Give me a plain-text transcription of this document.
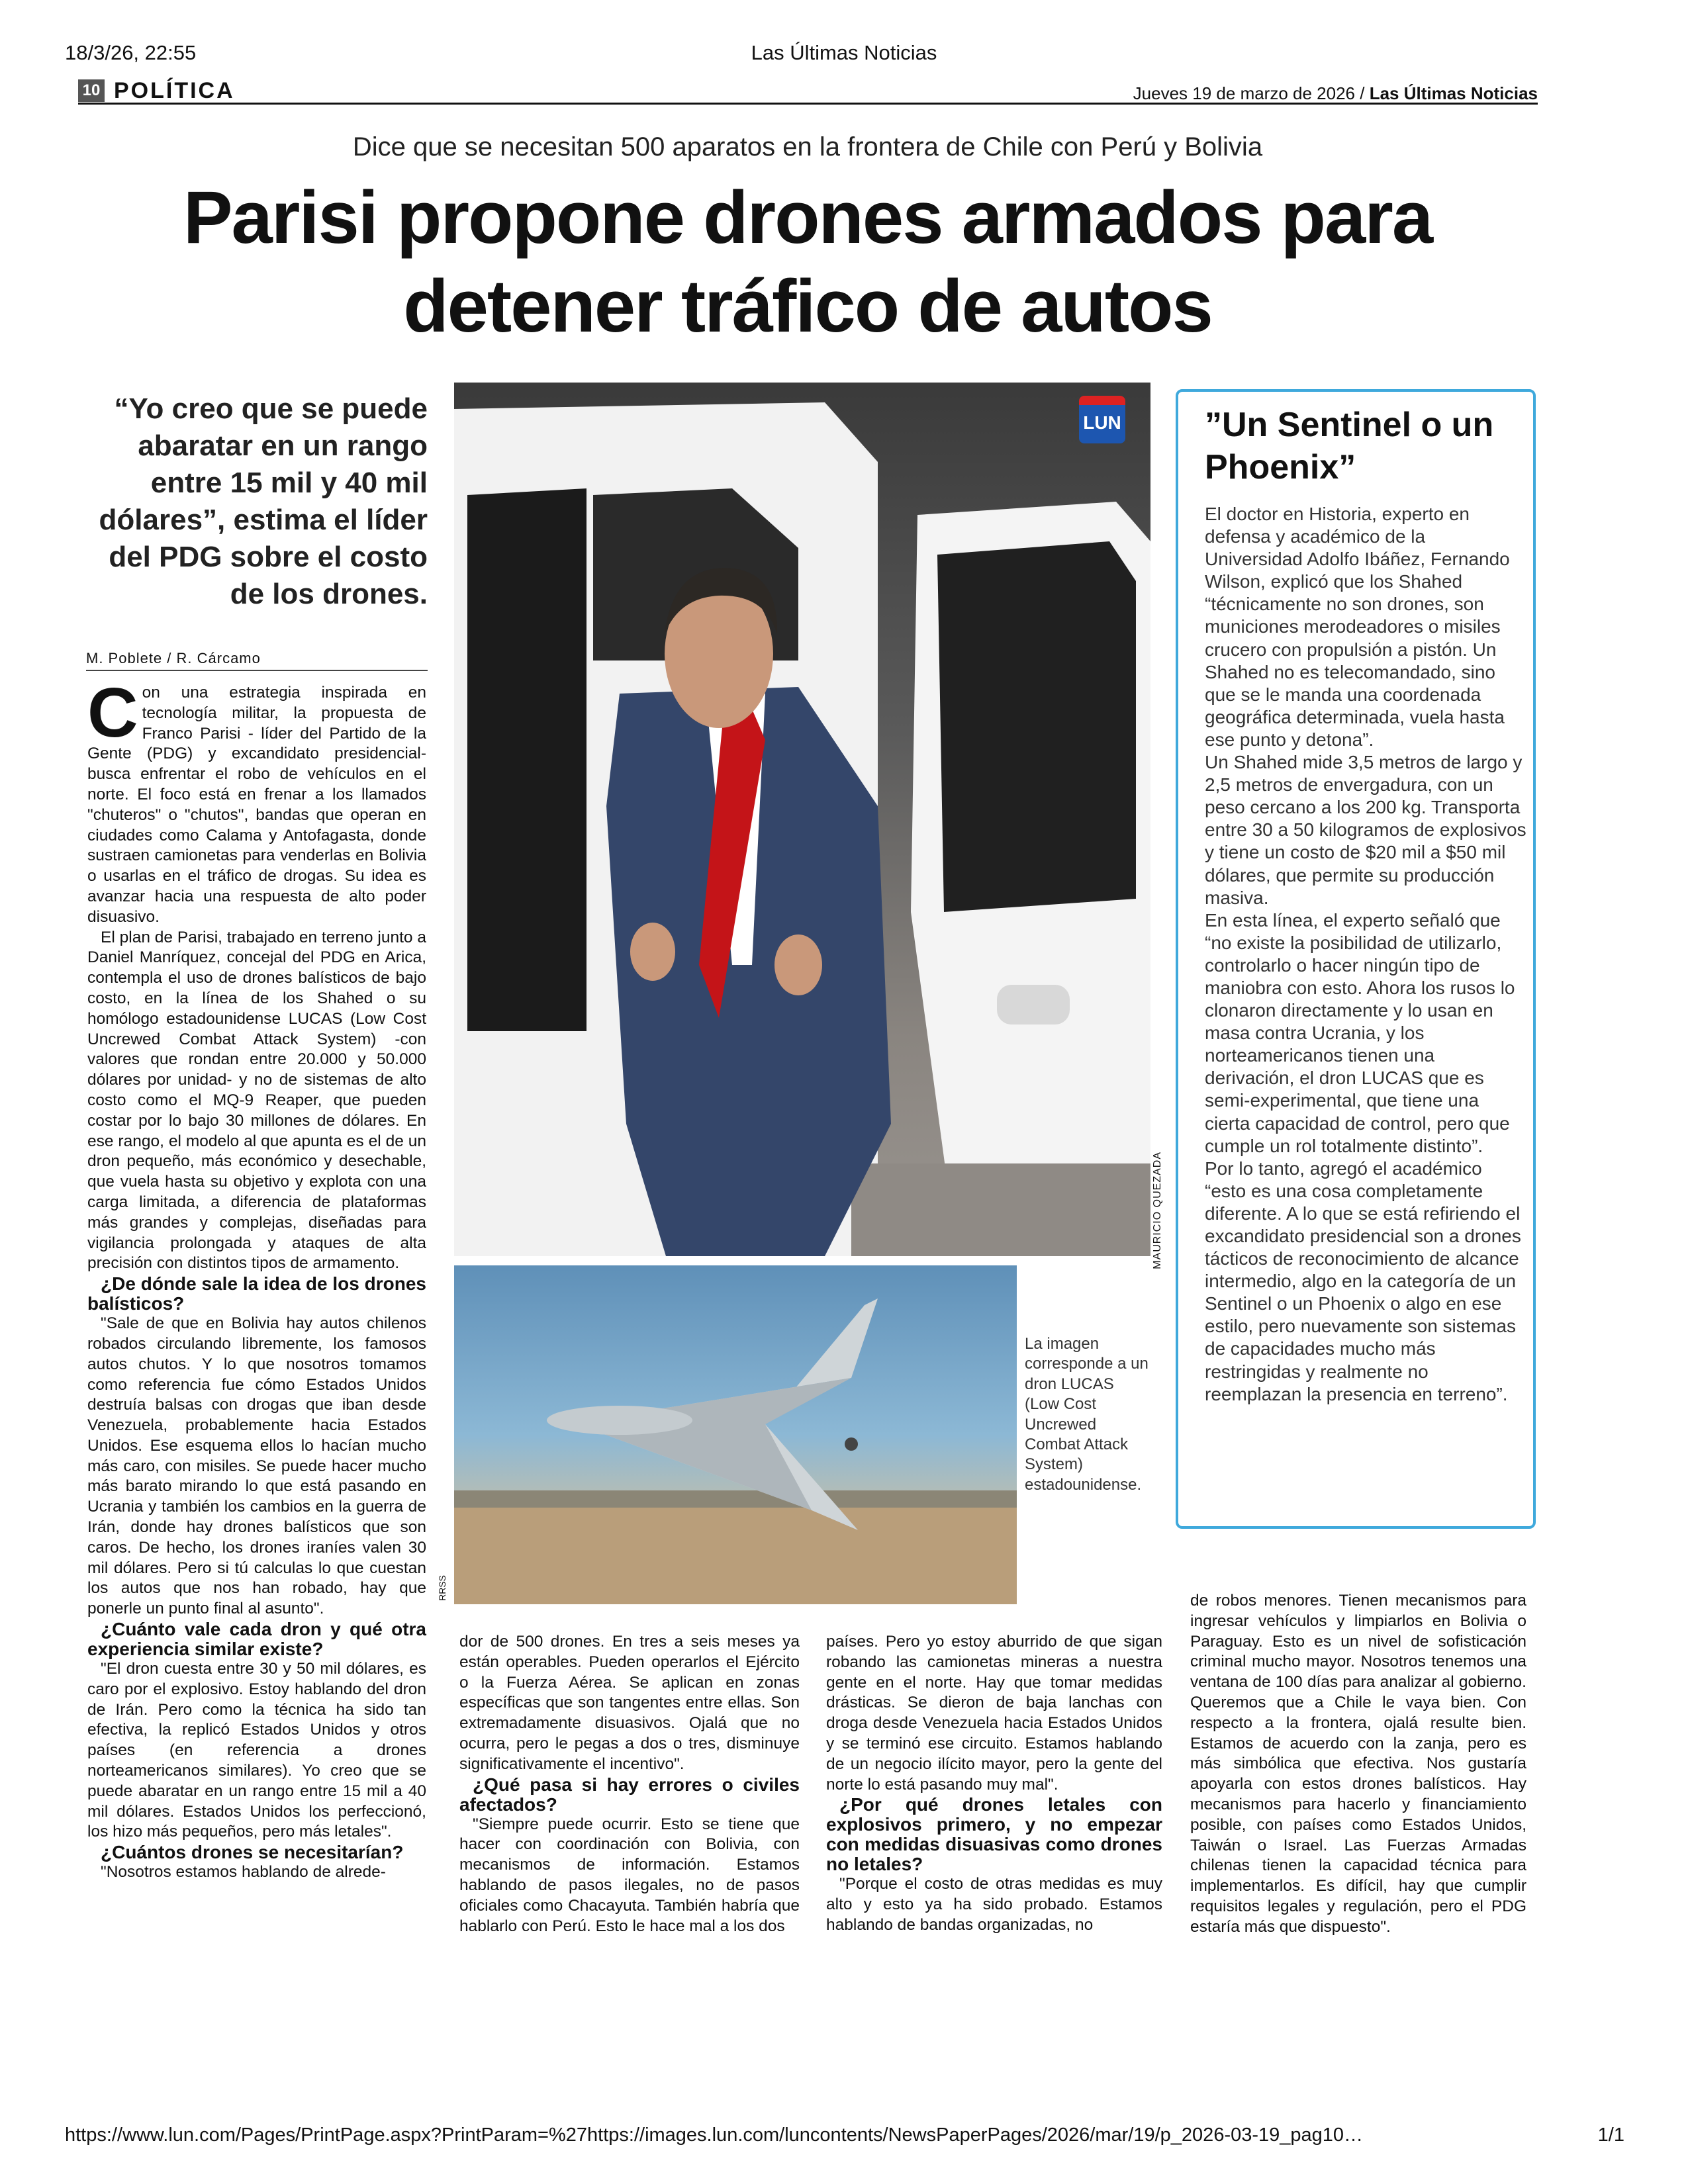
18/3/26, 22:55	Las Últimas Noticias
10 POLÍTICA	Jueves 19 de marzo de 2026 / Las Últimas Noticias
Dice que se necesitan 500 aparatos en la frontera de Chile con Perú y Bolivia
Parisi propone drones armados para
detener tráfico de autos
“Yo creo que se puede abaratar en un rango entre 15 mil y 40 mil dólares”, estima el líder del PDG sobre el costo de los drones.
M. Poblete / R. Cárcamo

Con una estrategia inspirada en tecnología militar, la propuesta de Franco Parisi - líder del Partido de la Gente (PDG) y excandidato presidencial- busca enfrentar el robo de vehículos en el norte. El foco está en frenar a los llamados "chuteros" o "chutos", bandas que operan en ciudades como Calama y Antofagasta, donde sustraen camionetas para venderlas en Bolivia o usarlas en el tráfico de drogas. Su idea es avanzar hacia una respuesta de alto poder disuasivo.

El plan de Parisi, trabajado en terreno junto a Daniel Manríquez, concejal del PDG en Arica, contempla el uso de drones balísticos de bajo costo, en la línea de los Shahed o su homólogo estadounidense LUCAS (Low Cost Uncrewed Combat Attack System) -con valores que rondan entre 20.000 y 50.000 dólares por unidad- y no de sistemas de alto costo como el MQ-9 Reaper, que pueden costar por lo bajo 30 millones de dólares. En ese rango, el modelo al que apunta es el de un dron pequeño, más económico y desechable, que vuela hasta su objetivo y explota con una carga limitada, a diferencia de plataformas más grandes y complejas, diseñadas para vigilancia prolongada y ataques de alta precisión con distintos tipos de armamento.

¿De dónde sale la idea de los drones balísticos?

"Sale de que en Bolivia hay autos chilenos robados circulando libremente, los famosos autos chutos. Y lo que nosotros tomamos como referencia fue cómo Estados Unidos destruía balsas con drogas que iban desde Venezuela, probablemente hacia Estados Unidos. Ese esquema ellos lo hacían mucho más caro, con misiles. Se puede hacer mucho más barato mirando lo que está pasando en Ucrania y también los cambios en la guerra de Irán, donde hay drones balísticos que son caros. De hecho, los drones iraníes valen 30 mil dólares. Pero si tú calculas lo que cuestan los autos que nos han robado, hay que ponerle un punto final al asunto".

¿Cuánto vale cada dron y qué otra experiencia similar existe?

"El dron cuesta entre 30 y 50 mil dólares, es caro por el explosivo. Estoy hablando del dron de Irán. Pero como la técnica ha sido tan efectiva, la replicó Estados Unidos y otros países (en referencia a drones norteamericanos similares). Yo creo que se puede abaratar en un rango entre 15 mil a 40 mil dólares. Estados Unidos los perfeccionó, los hizo más pequeños, pero más letales".

¿Cuántos drones se necesitarían?

"Nosotros estamos hablando de alrede-

LUN
MAURICIO QUEZADA
RRSS
La imagen corresponde a un dron LUCAS (Low Cost Uncrewed Combat Attack System) estadounidense.
”Un Sentinel o un Phoenix”

El doctor en Historia, experto en defensa y académico de la Universidad Adolfo Ibáñez, Fernando Wilson, explicó que los Shahed “técnicamente no son drones, son municiones merodeadores o misiles crucero con propulsión a pistón. Un Shahed no es telecomandado, sino que se le manda una coordenada geográfica determinada, vuela hasta ese punto y detona”.

Un Shahed mide 3,5 metros de largo y 2,5 metros de envergadura, con un peso cercano a los 200 kg. Transporta entre 30 a 50 kilogramos de explosivos y tiene un costo de $20 mil a $50 mil dólares, que permite su producción masiva.

En esta línea, el experto señaló que “no existe la posibilidad de utilizarlo, controlarlo o hacer ningún tipo de maniobra con esto. Ahora los rusos lo clonaron directamente y lo usan en masa contra Ucrania, y los norteamericanos tienen una derivación, el dron LUCAS que es semi-experimental, que tiene una cierta capacidad de control, pero que cumple un rol totalmente distinto”.

Por lo tanto, agregó el académico “esto es una cosa completamente diferente. A lo que se está refiriendo el excandidato presidencial son a drones tácticos de reconocimiento de alcance intermedio, algo en la categoría de un Sentinel o un Phoenix o algo en ese estilo, pero nuevamente son sistemas de capacidades mucho más restringidas y realmente no reemplazan la presencia en terreno”.

dor de 500 drones. En tres a seis meses ya están operables. Pueden operarlos el Ejército o la Fuerza Aérea. Se aplican en zonas específicas que son tangentes entre ellas. Son extremadamente disuasivos. Ojalá que no ocurra, pero le pegas a dos o tres, disminuye significativamente el incentivo".

¿Qué pasa si hay errores o civiles afectados?

"Siempre puede ocurrir. Esto se tiene que hacer con coordinación con Bolivia, con mecanismos de información. Estamos hablando de pasos ilegales, no de pasos oficiales como Chacayuta. También habría que hablarlo con Perú. Esto le hace mal a los dos

países. Pero yo estoy aburrido de que sigan robando las camionetas mineras a nuestra gente en el norte. Hay que tomar medidas drásticas. Se dieron de baja lanchas con droga desde Venezuela hacia Estados Unidos y se terminó ese circuito. Estamos hablando de un negocio ilícito mayor, pero la gente del norte lo está pasando muy mal".

¿Por qué drones letales con explosivos primero, y no empezar con medidas disuasivas como drones no letales?

"Porque el costo de otras medidas es muy alto y esto ya ha sido probado. Estamos hablando de bandas organizadas, no

de robos menores. Tienen mecanismos para ingresar vehículos y limpiarlos en Bolivia o Paraguay. Esto es un nivel de sofisticación criminal mucho mayor. Nosotros tenemos una ventana de 100 días para analizar al gobierno. Queremos que a Chile le vaya bien. Con respecto a la frontera, ojalá resulte bien. Estamos de acuerdo con la zanja, pero es más simbólica que efectiva. Nos gustaría apoyarla con estos drones balísticos. Hay mecanismos para hacerlo y financiamiento posible, con países como Estados Unidos, Taiwán o Israel. Las Fuerzas Armadas chilenas tienen la capacidad técnica para implementarlos. Es difícil, hay que cumplir requisitos legales y regulación, pero el PDG estaría más que dispuesto".

https://www.lun.com/Pages/PrintPage.aspx?PrintParam=%27https://images.lun.com/luncontents/NewsPaperPages/2026/mar/19/p_2026-03-19_pag10…	1/1
